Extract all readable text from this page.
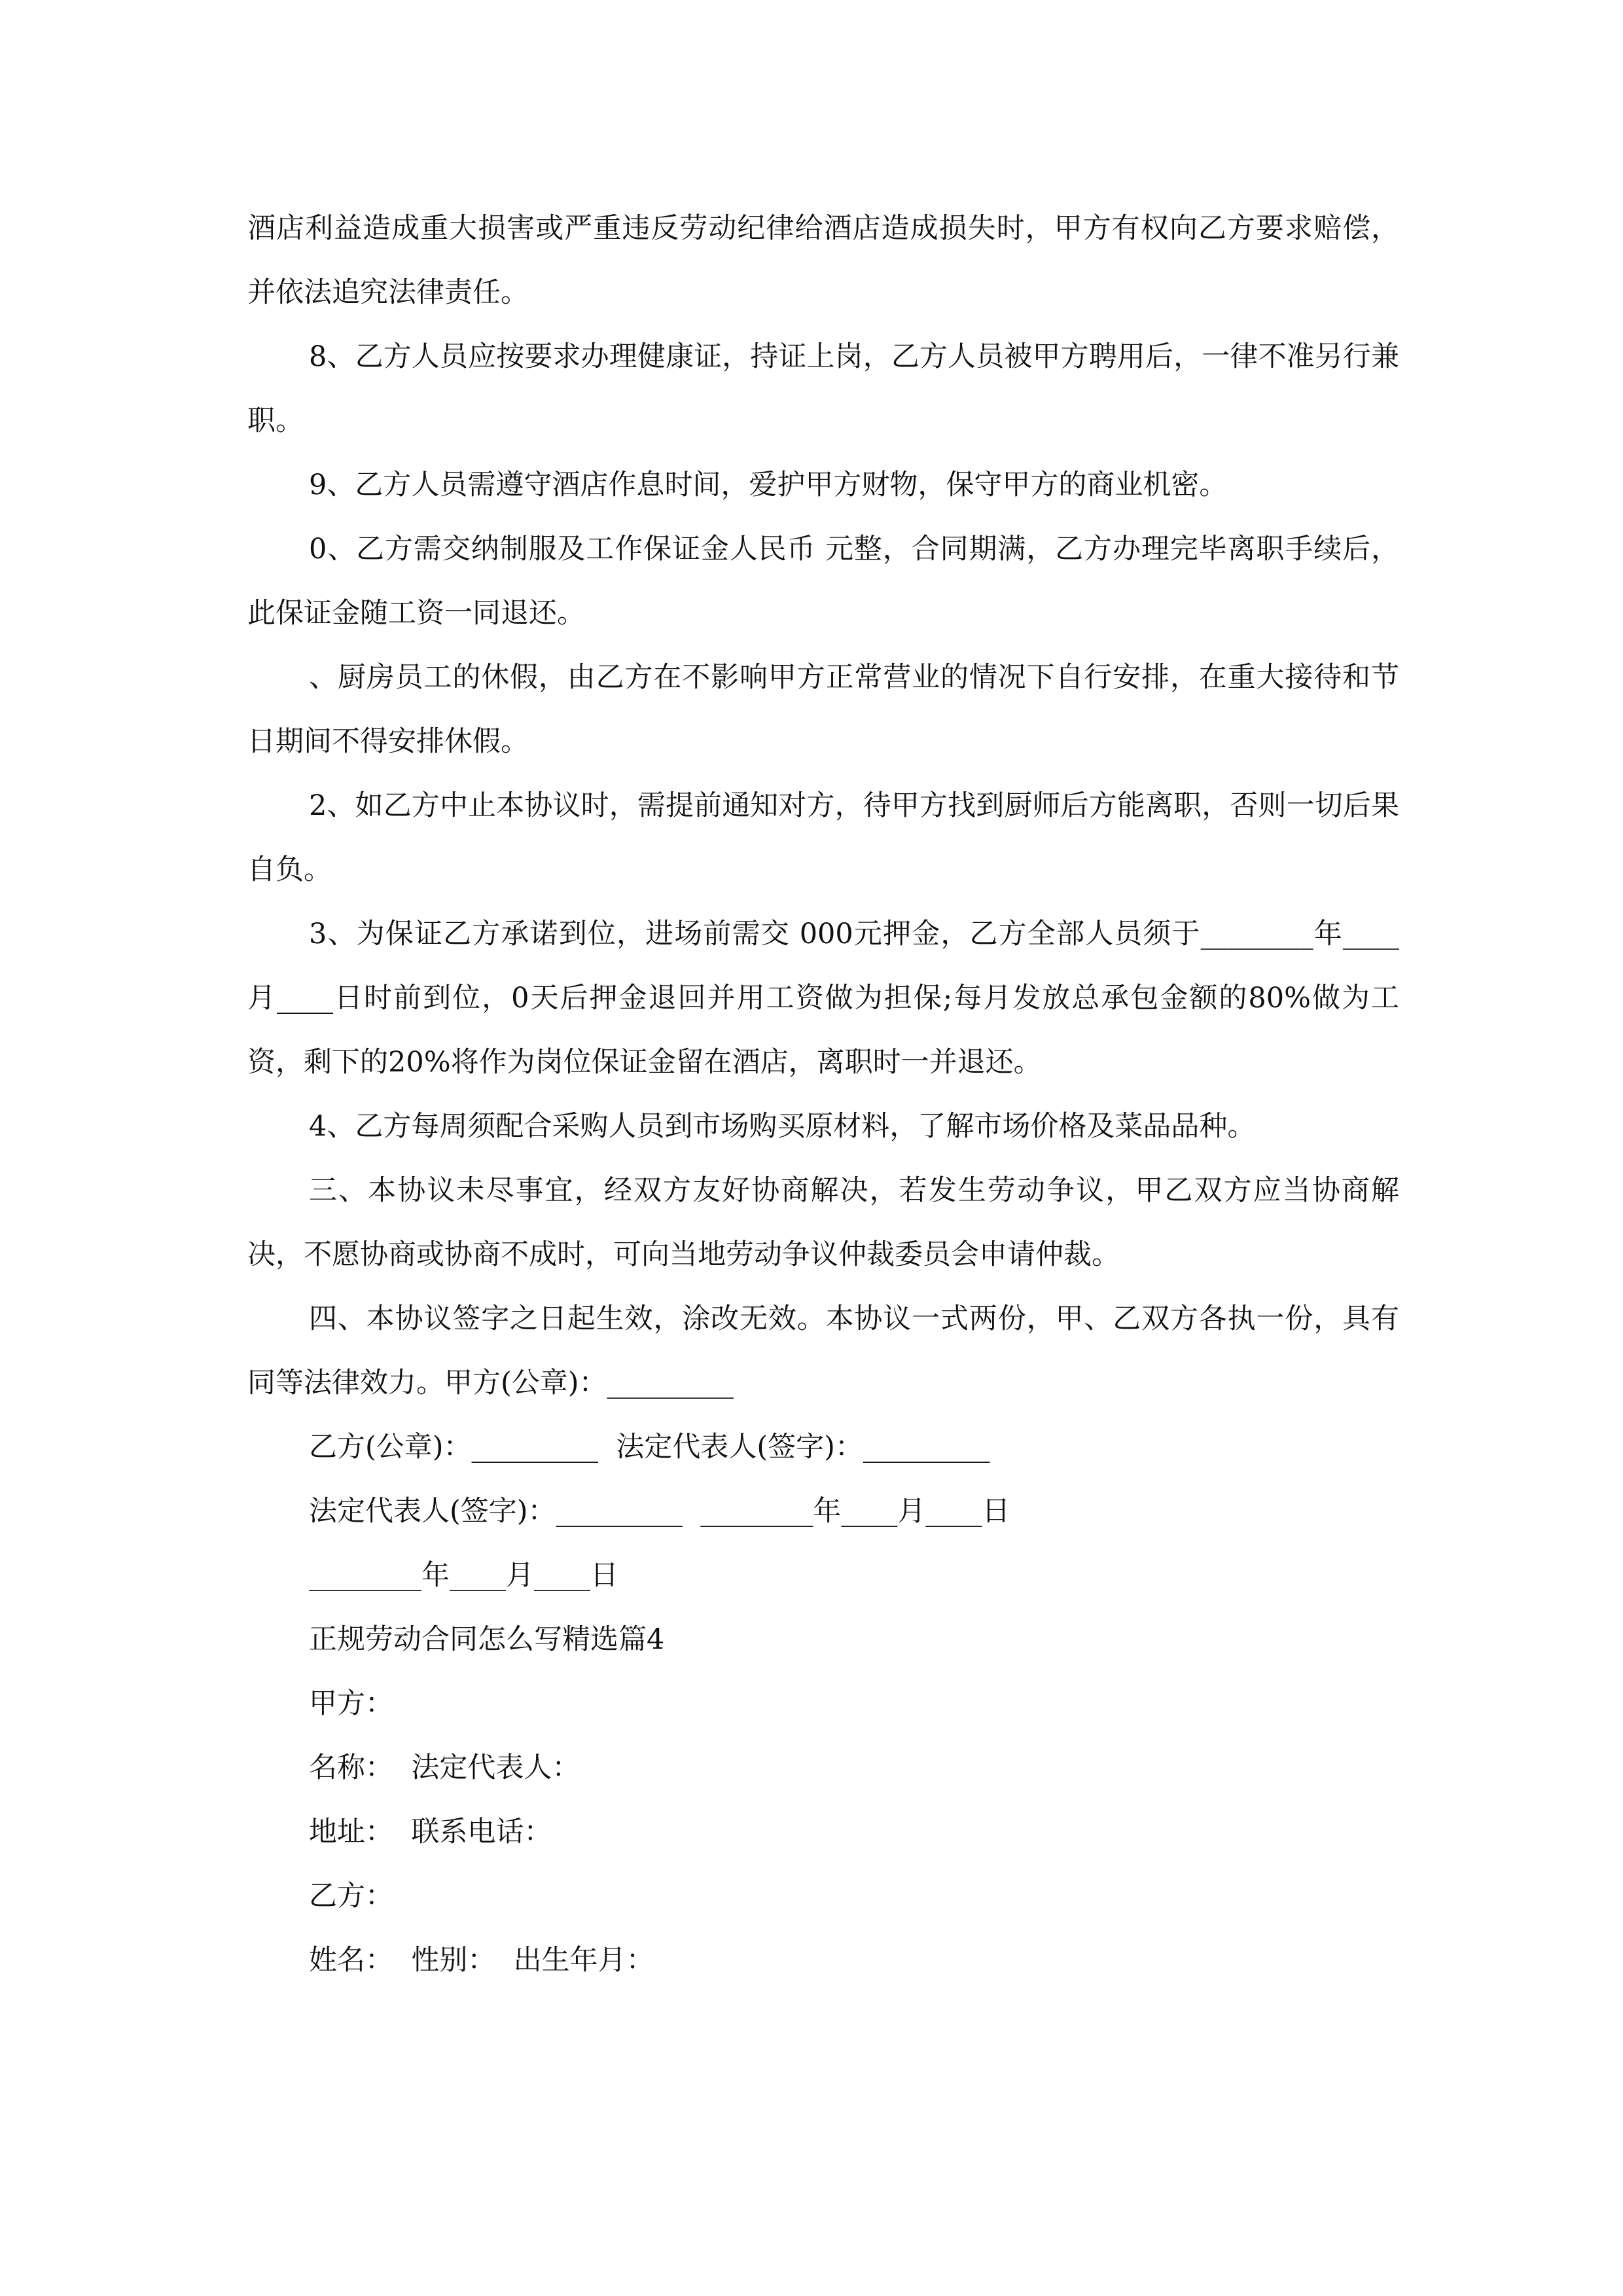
酒店利益造成重大损害或严重违反劳动纪律给酒店造成损失时，甲方有权向乙方要求赔偿，并依法追究法律责任。

8、乙方人员应按要求办理健康证，持证上岗，乙方人员被甲方聘用后，一律不准另行兼职。

9、乙方人员需遵守酒店作息时间，爱护甲方财物，保守甲方的商业机密。

0、乙方需交纳制服及工作保证金人民币 元整，合同期满，乙方办理完毕离职手续后，此保证金随工资一同退还。

、厨房员工的休假，由乙方在不影响甲方正常营业的情况下自行安排，在重大接待和节日期间不得安排休假。

2、如乙方中止本协议时，需提前通知对方，待甲方找到厨师后方能离职，否则一切后果自负。

3、为保证乙方承诺到位，进场前需交 000元押金，乙方全部人员须于________年____月____日时前到位，0天后押金退回并用工资做为担保;每月发放总承包金额的80%做为工资，剩下的20%将作为岗位保证金留在酒店，离职时一并退还。

4、乙方每周须配合采购人员到市场购买原材料，了解市场价格及菜品品种。

三、本协议未尽事宜，经双方友好协商解决，若发生劳动争议，甲乙双方应当协商解决，不愿协商或协商不成时，可向当地劳动争议仲裁委员会申请仲裁。

四、本协议签字之日起生效，涂改无效。本协议一式两份，甲、乙双方各执一份，具有同等法律效力。甲方(公章)：_________

乙方(公章)：_________  法定代表人(签字)：_________

法定代表人(签字)：_________  ________年____月____日

________年____月____日

正规劳动合同怎么写精选篇4

甲方：

名称：  法定代表人：

地址：  联系电话：

乙方：

姓名：  性别：  出生年月：
